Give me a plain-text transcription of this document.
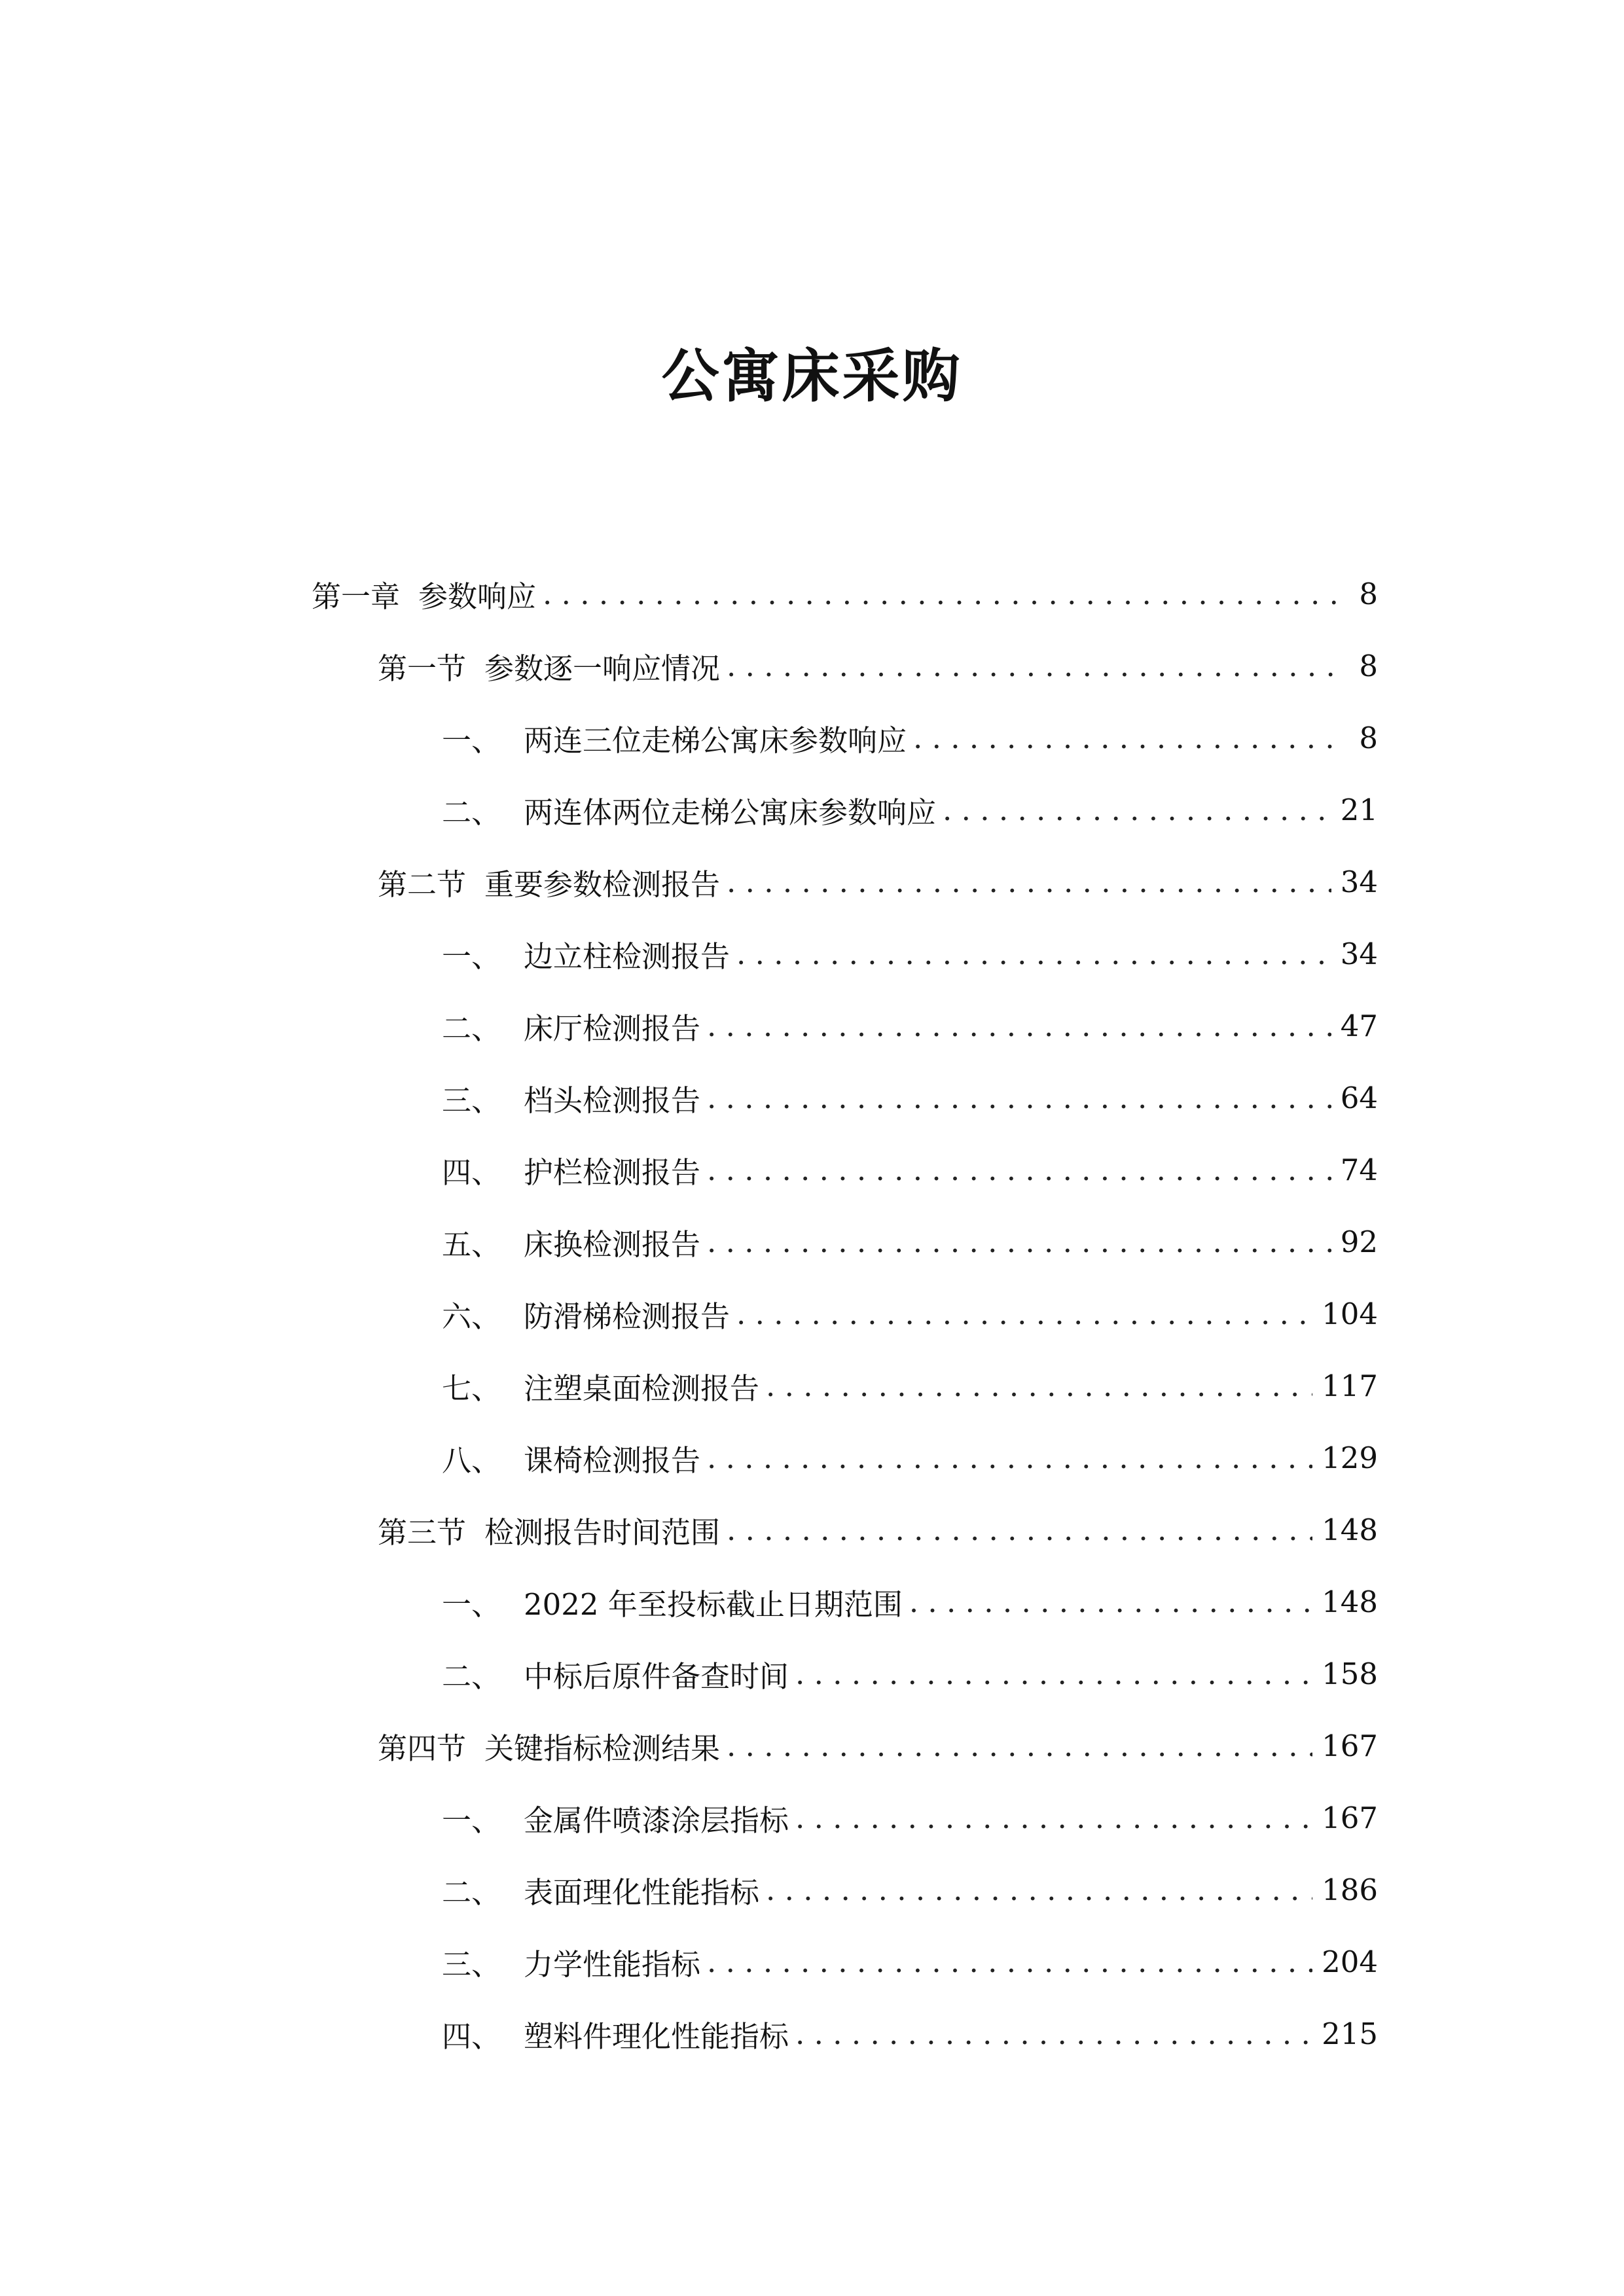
公寓床采购
第一章 参数响应 . . .	8
第一节 参数逐一响应情况 . . .	8
一、 两连三位走梯公寓床参数响应 . . .	8
二、 两连体两位走梯公寓床参数响应 . . .	21
第二节 重要参数检测报告 . . .	34
一、 边立柱检测报告 . . .	34
二、 床厅检测报告 . . .	47
三、 档头检测报告 . . .	64
四、 护栏检测报告 . . .	74
五、 床换检测报告 . . .	92
六、 防滑梯检测报告 . . .	104
七、 注塑桌面检测报告 . . .	117
八、 课椅检测报告 . . .	129
第三节 检测报告时间范围 . . .	148
一、 2022 年至投标截止日期范围 . . .	148
二、 中标后原件备查时间 . . .	158
第四节 关键指标检测结果 . . .	167
一、 金属件喷漆涂层指标 . . .	167
二、 表面理化性能指标 . . .	186
三、 力学性能指标 . . .	204
四、 塑料件理化性能指标 . . .	215
